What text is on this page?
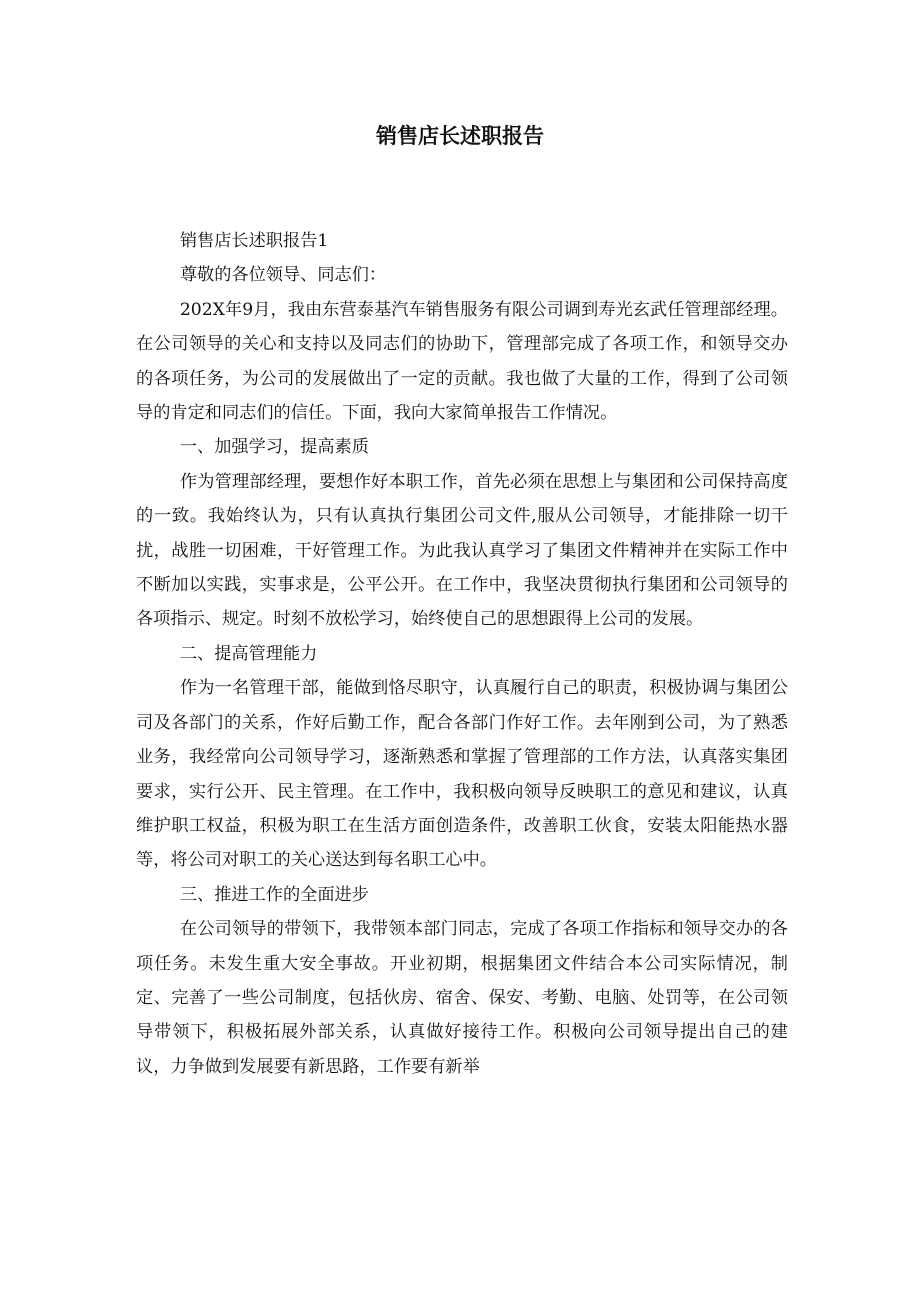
销售店长述职报告

销售店长述职报告1

尊敬的各位领导、同志们：

202X年9月，我由东营泰基汽车销售服务有限公司调到寿光玄武任管理部经理。在公司领导的关心和支持以及同志们的协助下，管理部完成了各项工作，和领导交办的各项任务，为公司的发展做出了一定的贡献。我也做了大量的工作，得到了公司领导的肯定和同志们的信任。下面，我向大家简单报告工作情况。

一、加强学习，提高素质

作为管理部经理，要想作好本职工作，首先必须在思想上与集团和公司保持高度的一致。我始终认为，只有认真执行集团公司文件,服从公司领导，才能排除一切干扰，战胜一切困难，干好管理工作。为此我认真学习了集团文件精神并在实际工作中不断加以实践，实事求是，公平公开。在工作中，我坚决贯彻执行集团和公司领导的各项指示、规定。时刻不放松学习，始终使自己的思想跟得上公司的发展。

二、提高管理能力

作为一名管理干部，能做到恪尽职守，认真履行自己的职责，积极协调与集团公司及各部门的关系，作好后勤工作，配合各部门作好工作。去年刚到公司，为了熟悉业务，我经常向公司领导学习，逐渐熟悉和掌握了管理部的工作方法，认真落实集团要求，实行公开、民主管理。在工作中，我积极向领导反映职工的意见和建议，认真维护职工权益，积极为职工在生活方面创造条件，改善职工伙食，安装太阳能热水器等，将公司对职工的关心送达到每名职工心中。

三、推进工作的全面进步

在公司领导的带领下，我带领本部门同志，完成了各项工作指标和领导交办的各项任务。未发生重大安全事故。开业初期，根据集团文件结合本公司实际情况，制定、完善了一些公司制度，包括伙房、宿舍、保安、考勤、电脑、处罚等，在公司领导带领下，积极拓展外部关系，认真做好接待工作。积极向公司领导提出自己的建议，力争做到发展要有新思路，工作要有新举
